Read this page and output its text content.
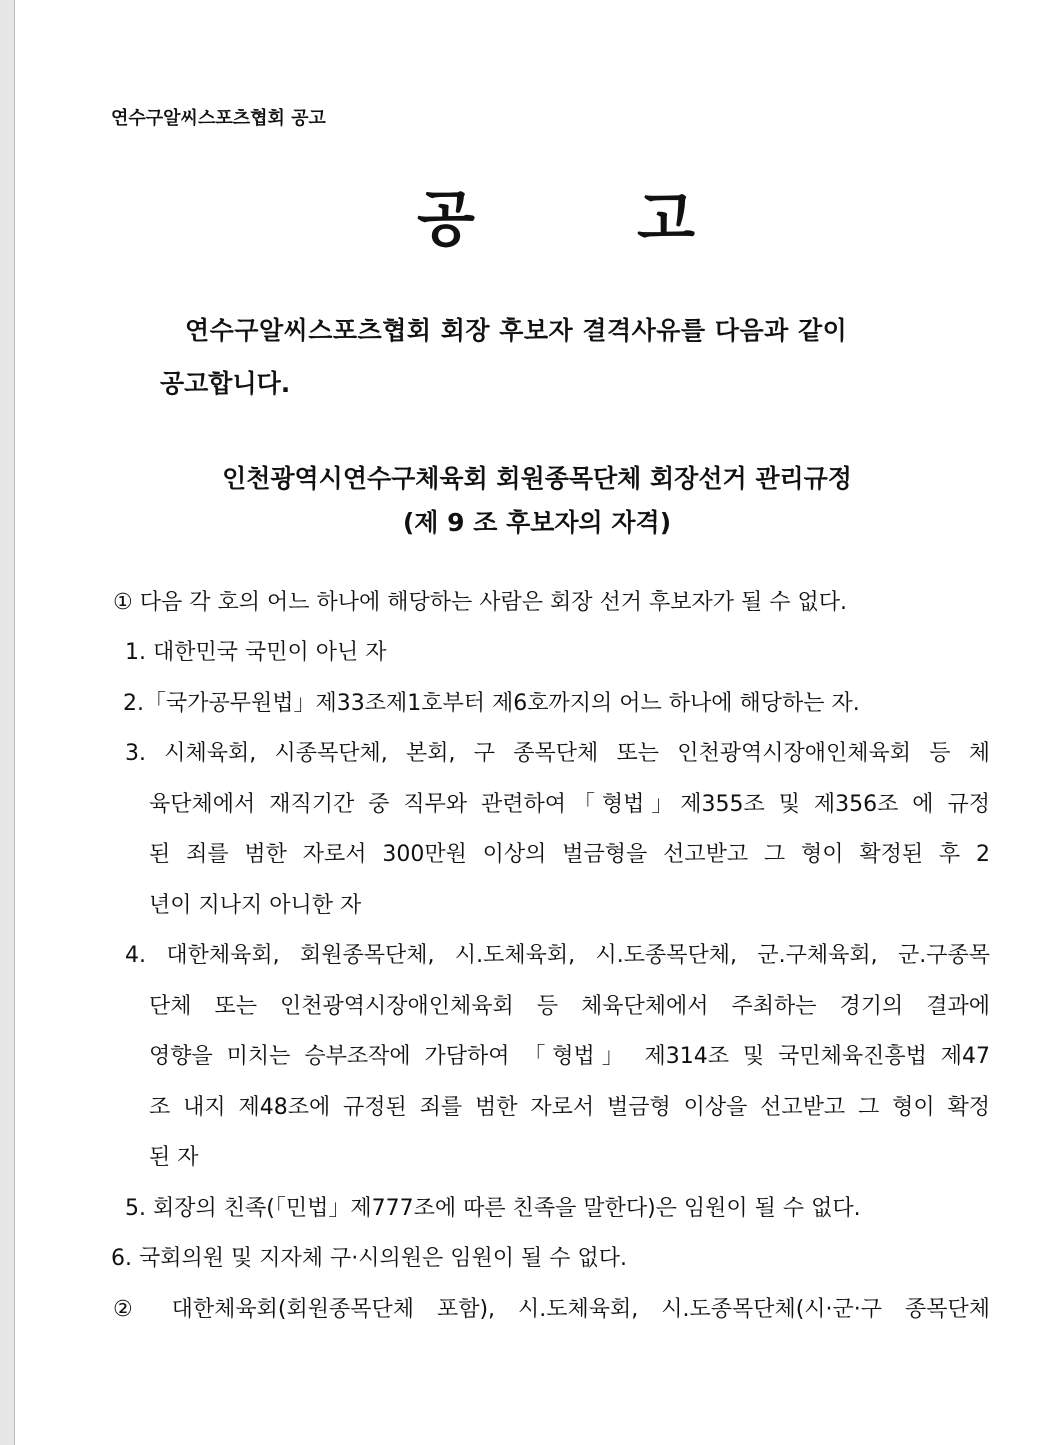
연수구알씨스포츠협회 공고
공	고
연수구알씨스포츠협회 회장 후보자 결격사유를 다음과 같이
공고합니다.
인천광역시연수구체육회 회원종목단체 회장선거 관리규정
(제 9 조 후보자의 자격)
① 다음 각 호의 어느 하나에 해당하는 사람은 회장 선거 후보자가 될 수 없다.
1. 대한민국 국민이 아닌 자
2.「국가공무원법」제33조제1호부터 제6호까지의 어느 하나에 해당하는 자.
3. 시체육회, 시종목단체, 본회, 구 종목단체 또는 인천광역시장애인체육회 등 체
육단체에서 재직기간 중 직무와 관련하여「형법」제355조 및 제356조 에 규정
된 죄를 범한 자로서 300만원 이상의 벌금형을 선고받고 그 형이 확정된 후 2
년이 지나지 아니한 자
4. 대한체육회, 회원종목단체, 시.도체육회, 시.도종목단체, 군.구체육회, 군.구종목
단체 또는 인천광역시장애인체육회 등 체육단체에서 주최하는 경기의 결과에
영향을 미치는 승부조작에 가담하여 「형법」 제314조 및 국민체육진흥법 제47
조 내지 제48조에 규정된 죄를 범한 자로서 벌금형 이상을 선고받고 그 형이 확정
된 자
5. 회장의 친족(「민법」제777조에 따른 친족을 말한다)은 임원이 될 수 없다.
6. 국회의원 및 지자체 구·시의원은 임원이 될 수 없다.
② 대한체육회(회원종목단체 포함), 시.도체육회, 시.도종목단체(시·군·구 종목단체
